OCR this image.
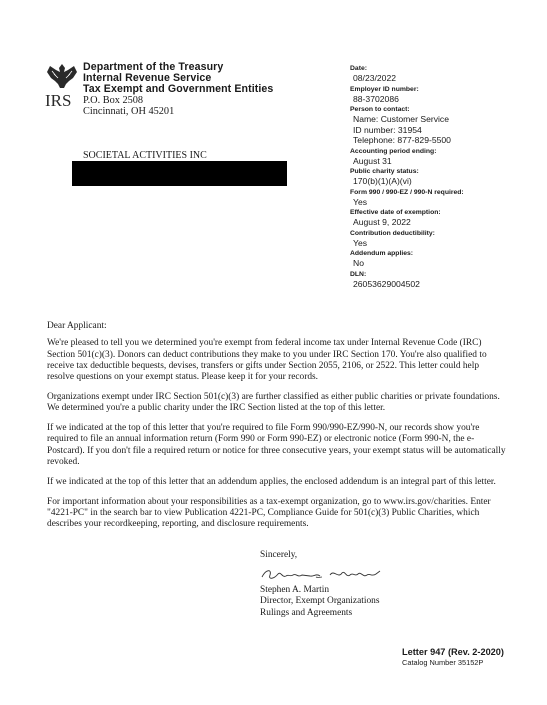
IRS
Department of the Treasury
Internal Revenue Service
Tax Exempt and Government Entities
P.O. Box 2508
Cincinnati, OH 45201
Date:
08/23/2022
Employer ID number:
88-3702086
Person to contact:
Name: Customer Service
ID number: 31954
Telephone: 877-829-5500
Accounting period ending:
August 31
Public charity status:
170(b)(1)(A)(vi)
Form 990 / 990-EZ / 990-N required:
Yes
Effective date of exemption:
August 9, 2022
Contribution deductibility:
Yes
Addendum applies:
No
DLN:
26053629004502
SOCIETAL ACTIVITIES INC

Dear Applicant:

We're pleased to tell you we determined you're exempt from federal income tax under Internal Revenue Code (IRC) Section 501(c)(3). Donors can deduct contributions they make to you under IRC Section 170. You're also qualified to receive tax deductible bequests, devises, transfers or gifts under Section 2055, 2106, or 2522. This letter could help resolve questions on your exempt status. Please keep it for your records.

Organizations exempt under IRC Section 501(c)(3) are further classified as either public charities or private foundations. We determined you're a public charity under the IRC Section listed at the top of this letter.

If we indicated at the top of this letter that you're required to file Form 990/990-EZ/990-N, our records show you're required to file an annual information return (Form 990 or Form 990-EZ) or electronic notice (Form 990-N, the e-Postcard). If you don't file a required return or notice for three consecutive years, your exempt status will be automatically revoked.

If we indicated at the top of this letter that an addendum applies, the enclosed addendum is an integral part of this letter.

For important information about your responsibilities as a tax-exempt organization, go to www.irs.gov/charities. Enter "4221-PC" in the search bar to view Publication 4221-PC, Compliance Guide for 501(c)(3) Public Charities, which describes your recordkeeping, reporting, and disclosure requirements.

Sincerely,
Stephen A. Martin
Director, Exempt Organizations
Rulings and Agreements
Letter 947 (Rev. 2-2020)
Catalog Number 35152P
